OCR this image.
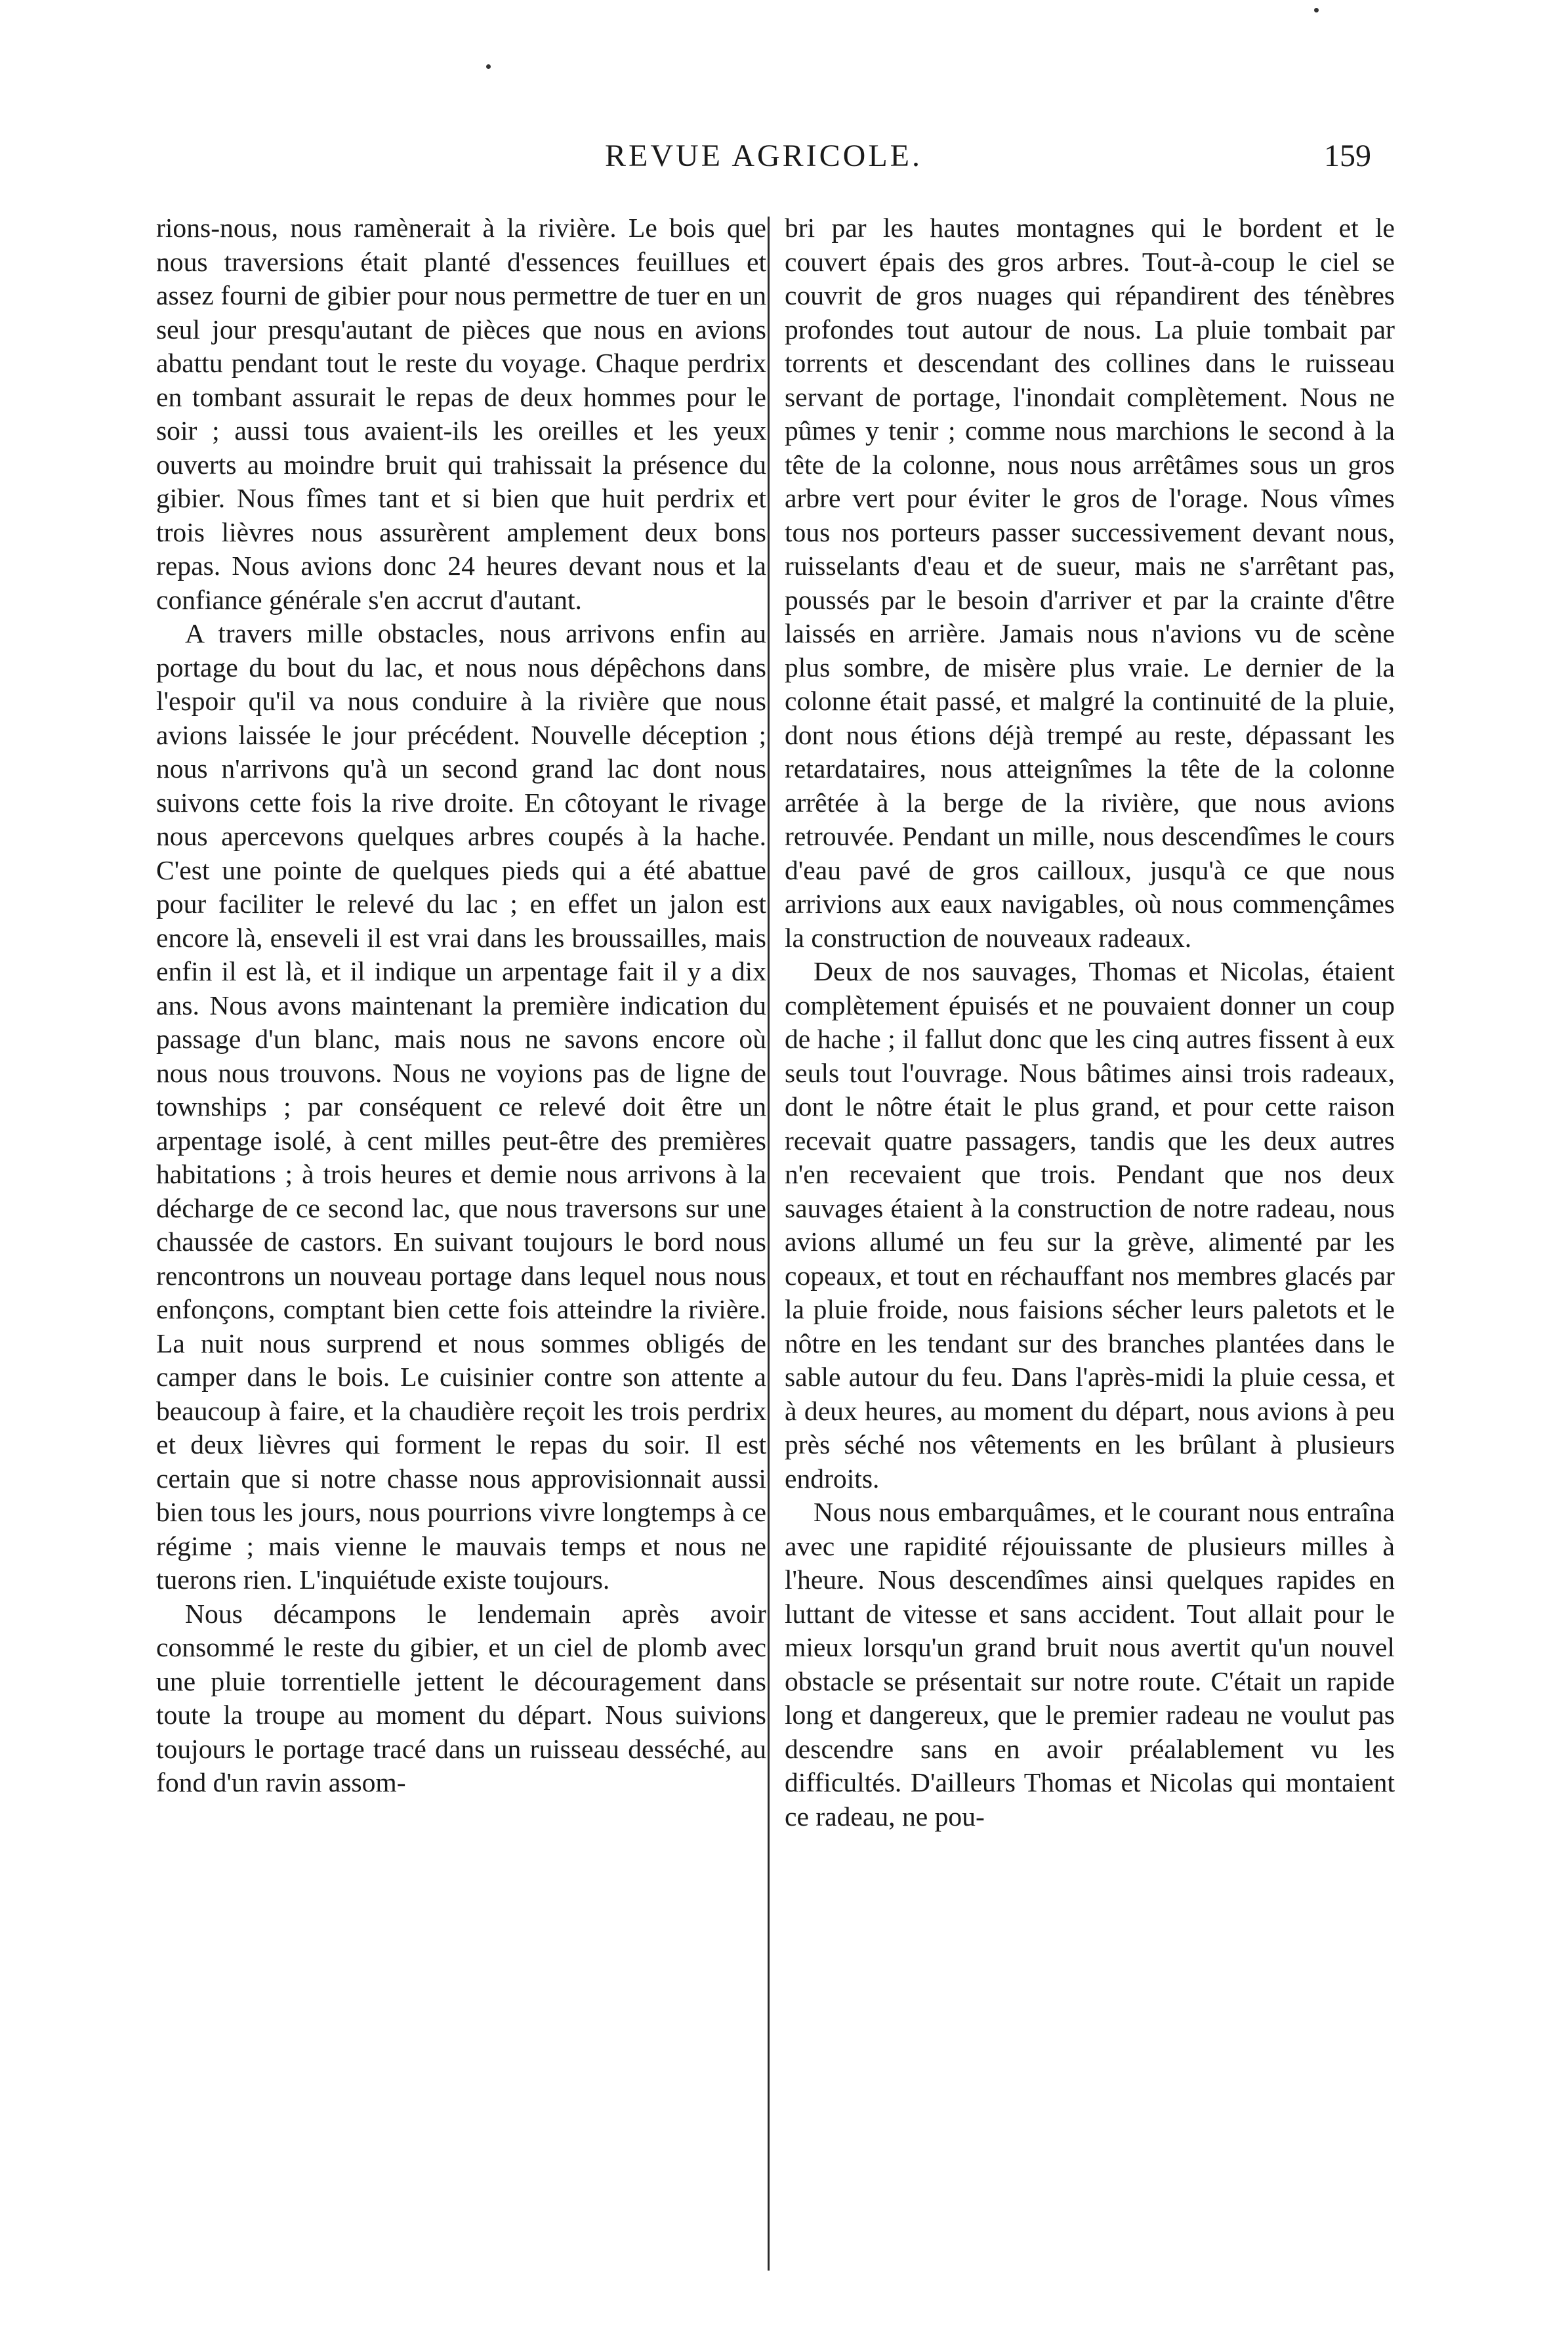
REVUE AGRICOLE.	159

rions-nous, nous ramènerait à la rivière. Le bois que nous traversions était planté d'essences feuillues et assez fourni de gibier pour nous permettre de tuer en un seul jour presqu'autant de pièces que nous en avions abattu pendant tout le reste du voyage. Chaque perdrix en tombant assurait le repas de deux hommes pour le soir ; aussi tous avaient-ils les oreilles et les yeux ouverts au moindre bruit qui trahissait la présence du gibier. Nous fîmes tant et si bien que huit perdrix et trois lièvres nous assurèrent amplement deux bons repas. Nous avions donc 24 heures devant nous et la confiance générale s'en accrut d'autant.

A travers mille obstacles, nous arrivons enfin au portage du bout du lac, et nous nous dépêchons dans l'espoir qu'il va nous conduire à la rivière que nous avions laissée le jour précédent. Nouvelle déception ; nous n'arrivons qu'à un second grand lac dont nous suivons cette fois la rive droite. En côtoyant le rivage nous apercevons quelques arbres coupés à la hache. C'est une pointe de quelques pieds qui a été abattue pour faciliter le relevé du lac ; en effet un jalon est encore là, enseveli il est vrai dans les broussailles, mais enfin il est là, et il indique un arpentage fait il y a dix ans. Nous avons maintenant la première indication du passage d'un blanc, mais nous ne savons encore où nous nous trouvons. Nous ne voyions pas de ligne de townships ; par conséquent ce relevé doit être un arpentage isolé, à cent milles peut-être des premières habitations ; à trois heures et demie nous arrivons à la décharge de ce second lac, que nous traversons sur une chaussée de castors. En suivant toujours le bord nous rencontrons un nouveau portage dans lequel nous nous enfonçons, comptant bien cette fois atteindre la rivière. La nuit nous surprend et nous sommes obligés de camper dans le bois. Le cuisinier contre son attente a beaucoup à faire, et la chaudière reçoit les trois perdrix et deux lièvres qui forment le repas du soir. Il est certain que si notre chasse nous approvisionnait aussi bien tous les jours, nous pourrions vivre longtemps à ce régime ; mais vienne le mauvais temps et nous ne tuerons rien. L'inquiétude existe toujours.

Nous décampons le lendemain après avoir consommé le reste du gibier, et un ciel de plomb avec une pluie torrentielle jettent le découragement dans toute la troupe au moment du départ. Nous suivions toujours le portage tracé dans un ruisseau desséché, au fond d'un ravin assom-

bri par les hautes montagnes qui le bordent et le couvert épais des gros arbres. Tout-à-coup le ciel se couvrit de gros nuages qui répandirent des ténèbres profondes tout autour de nous. La pluie tombait par torrents et descendant des collines dans le ruisseau servant de portage, l'inondait complètement. Nous ne pûmes y tenir ; comme nous marchions le second à la tête de la colonne, nous nous arrêtâmes sous un gros arbre vert pour éviter le gros de l'orage. Nous vîmes tous nos porteurs passer successivement devant nous, ruisselants d'eau et de sueur, mais ne s'arrêtant pas, poussés par le besoin d'arriver et par la crainte d'être laissés en arrière. Jamais nous n'avions vu de scène plus sombre, de misère plus vraie. Le dernier de la colonne était passé, et malgré la continuité de la pluie, dont nous étions déjà trempé au reste, dépassant les retardataires, nous atteignîmes la tête de la colonne arrêtée à la berge de la rivière, que nous avions retrouvée. Pendant un mille, nous descendîmes le cours d'eau pavé de gros cailloux, jusqu'à ce que nous arrivions aux eaux navigables, où nous commençâmes la construction de nouveaux radeaux.

Deux de nos sauvages, Thomas et Nicolas, étaient complètement épuisés et ne pouvaient donner un coup de hache ; il fallut donc que les cinq autres fissent à eux seuls tout l'ouvrage. Nous bâtimes ainsi trois radeaux, dont le nôtre était le plus grand, et pour cette raison recevait quatre passagers, tandis que les deux autres n'en recevaient que trois. Pendant que nos deux sauvages étaient à la construction de notre radeau, nous avions allumé un feu sur la grève, alimenté par les copeaux, et tout en réchauffant nos membres glacés par la pluie froide, nous faisions sécher leurs paletots et le nôtre en les tendant sur des branches plantées dans le sable autour du feu. Dans l'après-midi la pluie cessa, et à deux heures, au moment du départ, nous avions à peu près séché nos vêtements en les brûlant à plusieurs endroits.

Nous nous embarquâmes, et le courant nous entraîna avec une rapidité réjouissante de plusieurs milles à l'heure. Nous descendîmes ainsi quelques rapides en luttant de vitesse et sans accident. Tout allait pour le mieux lorsqu'un grand bruit nous avertit qu'un nouvel obstacle se présentait sur notre route. C'était un rapide long et dangereux, que le premier radeau ne voulut pas descendre sans en avoir préalablement vu les difficultés. D'ailleurs Thomas et Nicolas qui montaient ce radeau, ne pou-
